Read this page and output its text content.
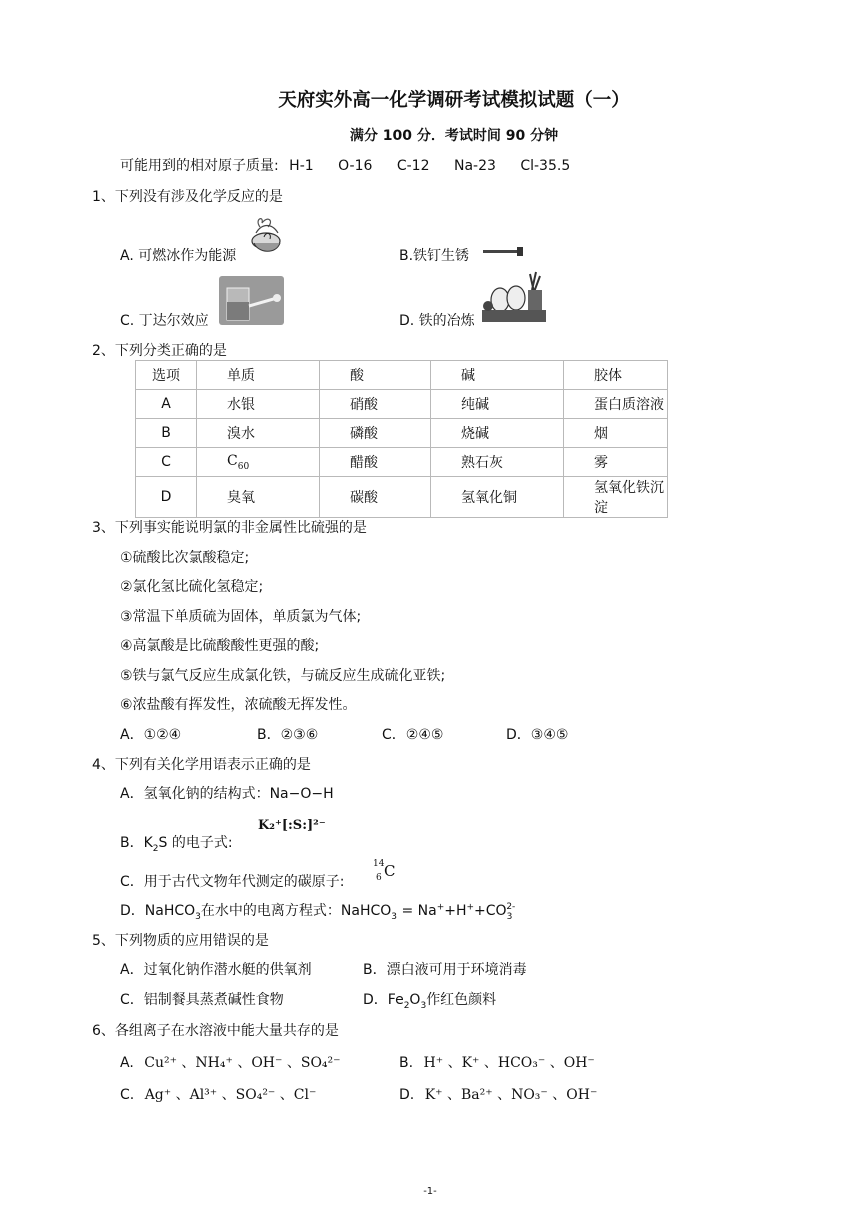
天府实外高一化学调研考试模拟试题（一）
满分 100 分．考试时间 90 分钟
可能用到的相对原子质量: H-1 O-16 C-12 Na-23 Cl-35.5
1、下列没有涉及化学反应的是
A. 可燃冰作为能源	B.铁钉生锈
C. 丁达尔效应	D. 铁的冶炼
2、下列分类正确的是
选项	单质	酸	碱	胶体
A	水银	硝酸	纯碱	蛋白质溶液
B	溴水	磷酸	烧碱	烟
C	$C_{60}$	醋酸	熟石灰	雾
D	臭氧	碳酸	氢氧化铜	氢氧化铁沉淀
3、下列事实能说明氯的非金属性比硫强的是
①硫酸比次氯酸稳定;
②氯化氢比硫化氢稳定;
③常温下单质硫为固体，单质氯为气体;
④高氯酸是比硫酸酸性更强的酸;
⑤铁与氯气反应生成氯化铁，与硫反应生成硫化亚铁;
⑥浓盐酸有挥发性，浓硫酸无挥发性。
A．①②④	B．②③⑥	C．②④⑤	D．③④⑤
4、下列有关化学用语表示正确的是
A．氢氧化钠的结构式：Na−O−H
B．$K_2S$ 的电子式:
K₂⁺[:S:]²⁻
C．用于古代文物年代测定的碳原子:
14
6 C
D．NaHCO$_3$在水中的电离方程式：NaHCO$_3$ = $Na^++H^++CO_3^{2-}$
5、下列物质的应用错误的是
A．过氧化钠作潜水艇的供氧剂	B．漂白液可用于环境消毒
C．铝制餐具蒸煮碱性食物	D．$Fe_2O_3$作红色颜料
6、各组离子在水溶液中能大量共存的是
A. Cu²⁺ 、NH₄⁺ 、OH⁻ 、SO₄²⁻	B. H⁺ 、K⁺ 、HCO₃⁻ 、OH⁻
C. Ag⁺ 、Al³⁺ 、SO₄²⁻ 、Cl⁻	D. K⁺ 、Ba²⁺ 、NO₃⁻ 、OH⁻
-1-
